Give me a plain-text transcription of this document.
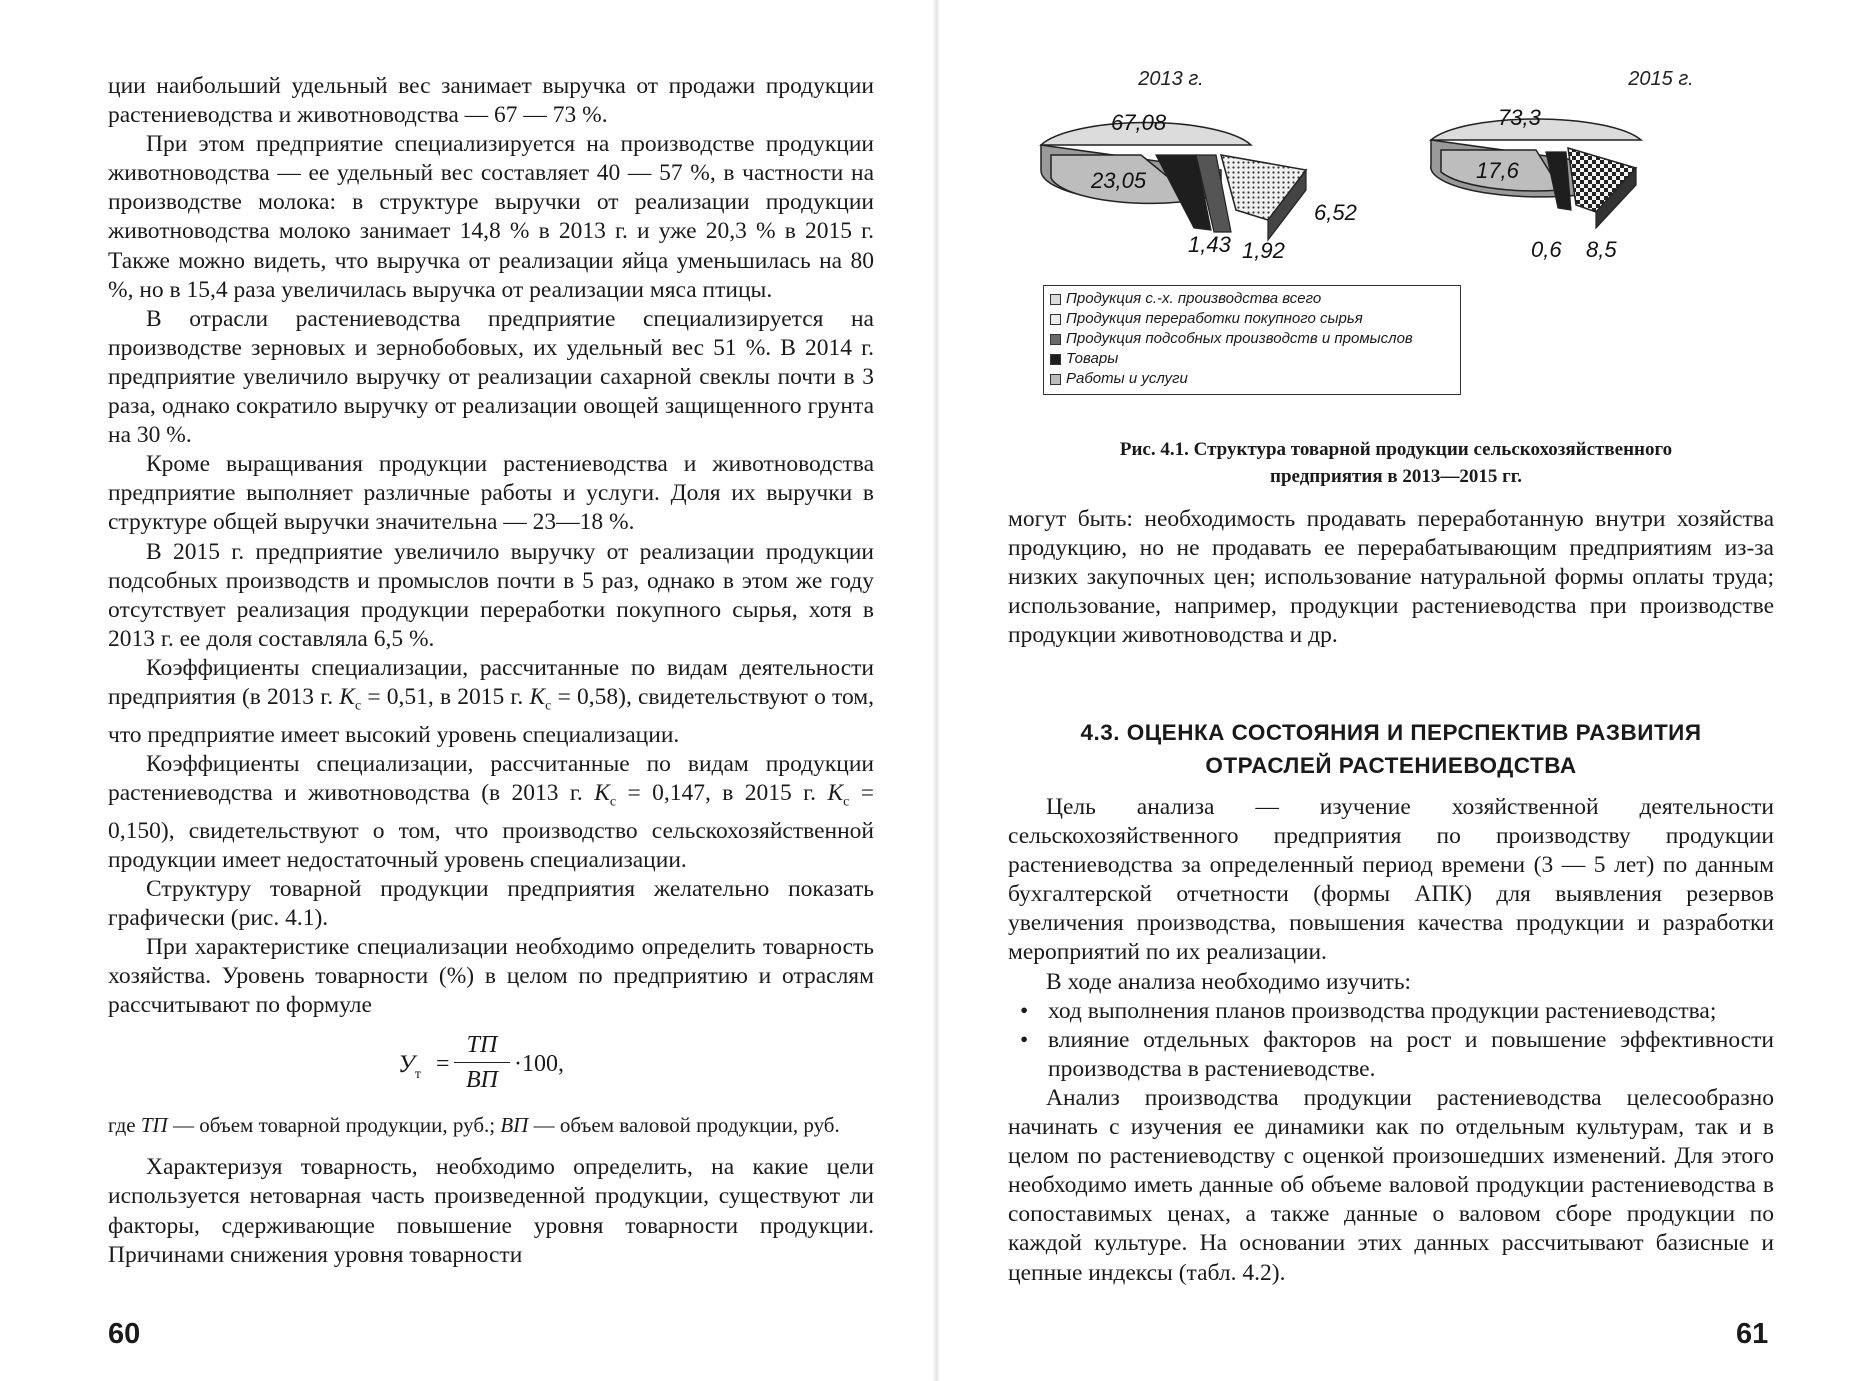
ции наибольший удельный вес занимает выручка от продажи продукции растениеводства и животноводства — 67 — 73 %.

При этом предприятие специализируется на производстве продукции животноводства — ее удельный вес составляет 40 — 57 %, в частности на производстве молока: в структуре выручки от реализации продукции животноводства молоко занимает 14,8 % в 2013 г. и уже 20,3 % в 2015 г. Также можно видеть, что выручка от реализации яйца уменьшилась на 80 %, но в 15,4 раза увеличилась выручка от реализации мяса птицы.

В отрасли растениеводства предприятие специализируется на производстве зерновых и зернобобовых, их удельный вес 51 %. В 2014 г. предприятие увеличило выручку от реализации сахарной свеклы почти в 3 раза, однако сократило выручку от реализации овощей защищенного грунта на 30 %.

Кроме выращивания продукции растениеводства и животноводства предприятие выполняет различные работы и услуги. Доля их выручки в структуре общей выручки значительна — 23—18 %.

В 2015 г. предприятие увеличило выручку от реализации продукции подсобных производств и промыслов почти в 5 раз, однако в этом же году отсутствует реализация продукции переработки покупного сырья, хотя в 2013 г. ее доля составляла 6,5 %.

Коэффициенты специализации, рассчитанные по видам деятельности предприятия (в 2013 г. $K_c = 0,51$, в 2015 г. $K_c = 0,58$), свидетельствуют о том, что предприятие имеет высокий уровень специализации.

Коэффициенты специализации, рассчитанные по видам продукции растениеводства и животноводства (в 2013 г. $K_c = 0,147$, в 2015 г. $K_c = 0,150$), свидетельствуют о том, что производство сельскохозяйственной продукции имеет недостаточный уровень специализации.

Структуру товарной продукции предприятия желательно показать графически (рис. 4.1).

При характеристике специализации необходимо определить товарность хозяйства. Уровень товарности (%) в целом по предприятию и отраслям рассчитывают по формуле

$У_т$ =
ТП
ВП
·100,

где ТП — объем товарной продукции, руб.; ВП — объем валовой продукции, руб.

Характеризуя товарность, необходимо определить, на какие цели используется нетоварная часть произведенной продукции, существуют ли факторы, сдерживающие повышение уровня товарности продукции. Причинами снижения уровня товарности

60
2013 г.	2015 г.
67,08
23,05
6,52
1,43 1,92
73,3
17,6
0,6 8,5
Продукция с.-х. производства всего
Продукция переработки покупного сырья
Продукция подсобных производств и промыслов
Товары
Работы и услуги
Рис. 4.1. Структура товарной продукции сельскохозяйственного
предприятия в 2013—2015 гг.

могут быть: необходимость продавать переработанную внутри хозяйства продукцию, но не продавать ее перерабатывающим предприятиям из-за низких закупочных цен; использование натуральной формы оплаты труда; использование, например, продукции растениеводства при производстве продукции животноводства и др.

4.3. ОЦЕНКА СОСТОЯНИЯ И ПЕРСПЕКТИВ РАЗВИТИЯ
ОТРАСЛЕЙ РАСТЕНИЕВОДСТВА

Цель анализа — изучение хозяйственной деятельности сельскохозяйственного предприятия по производству продукции растениеводства за определенный период времени (3 — 5 лет) по данным бухгалтерской отчетности (формы АПК) для выявления резервов увеличения производства, повышения качества продукции и разработки мероприятий по их реализации.

В ходе анализа необходимо изучить:

• ход выполнения планов производства продукции растениеводства;
• влияние отдельных факторов на рост и повышение эффективности производства в растениеводстве.

Анализ производства продукции растениеводства целесообразно начинать с изучения ее динамики как по отдельным культурам, так и в целом по растениеводству с оценкой произошедших изменений. Для этого необходимо иметь данные об объеме валовой продукции растениеводства в сопоставимых ценах, а также данные о валовом сборе продукции по каждой культуре. На основании этих данных рассчитывают базисные и цепные индексы (табл. 4.2).

61
